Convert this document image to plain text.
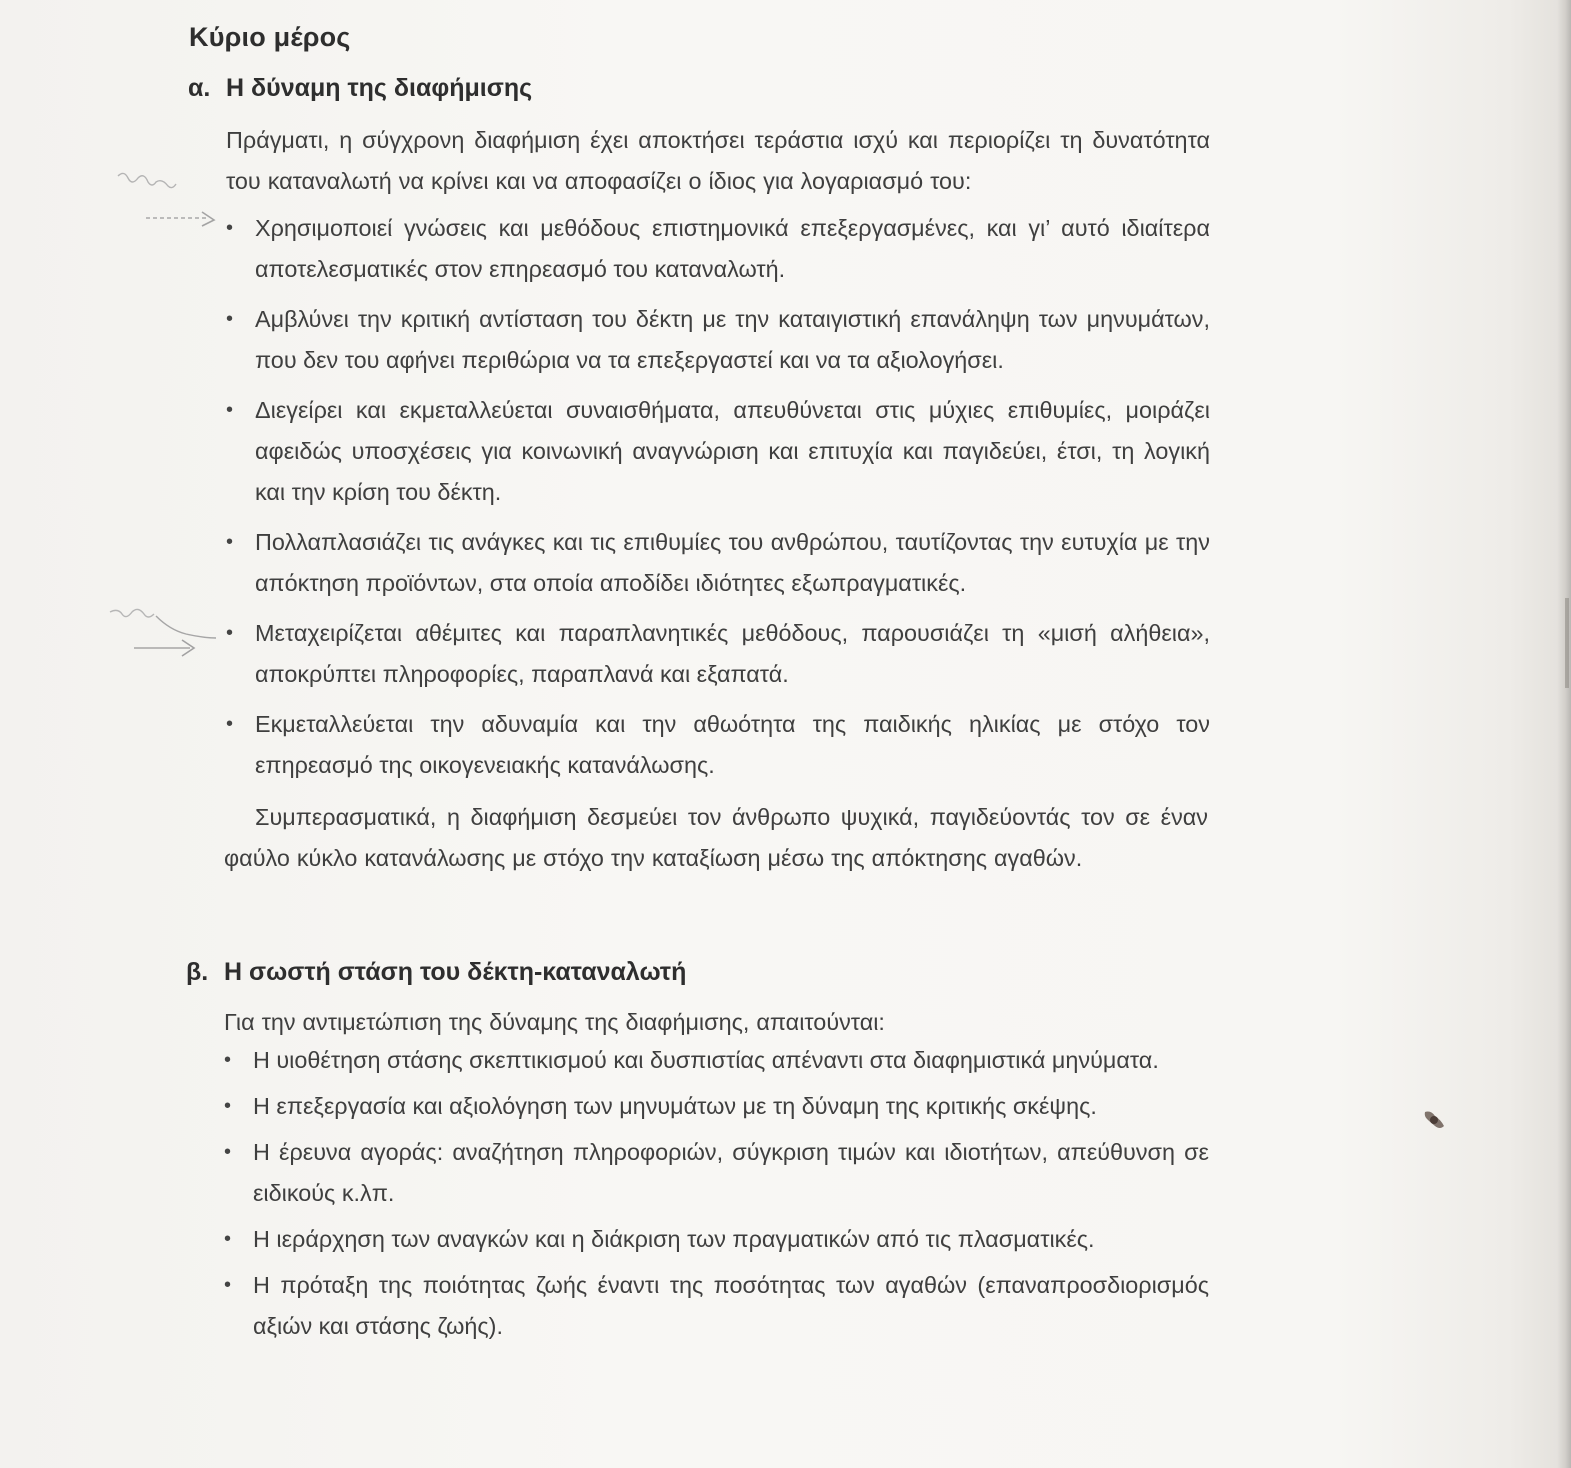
Κύριο μέρος
α. Η δύναμη της διαφήμισης
Πράγματι, η σύγχρονη διαφήμιση έχει αποκτήσει τεράστια ισχύ και περιορίζει τη δυνατότητα του καταναλωτή να κρίνει και να αποφασίζει ο ίδιος για λογαριασμό του:
• Χρησιμοποιεί γνώσεις και μεθόδους επιστημονικά επεξεργασμένες, και γι’ αυτό ιδιαίτερα αποτελεσματικές στον επηρεασμό του καταναλωτή.
• Αμβλύνει την κριτική αντίσταση του δέκτη με την καταιγιστική επανάληψη των μηνυμάτων, που δεν του αφήνει περιθώρια να τα επεξεργαστεί και να τα αξιολογήσει.
• Διεγείρει και εκμεταλλεύεται συναισθήματα, απευθύνεται στις μύχιες επιθυμίες, μοιράζει αφειδώς υποσχέσεις για κοινωνική αναγνώριση και επιτυχία και παγιδεύει, έτσι, τη λογική και την κρίση του δέκτη.
• Πολλαπλασιάζει τις ανάγκες και τις επιθυμίες του ανθρώπου, ταυτίζοντας την ευτυχία με την απόκτηση προϊόντων, στα οποία αποδίδει ιδιότητες εξωπραγματικές.
• Μεταχειρίζεται αθέμιτες και παραπλανητικές μεθόδους, παρουσιάζει τη «μισή αλήθεια», αποκρύπτει πληροφορίες, παραπλανά και εξαπατά.
• Εκμεταλλεύεται την αδυναμία και την αθωότητα της παιδικής ηλικίας με στόχο τον επηρεασμό της οικογενειακής κατανάλωσης.
Συμπερασματικά, η διαφήμιση δεσμεύει τον άνθρωπο ψυχικά, παγιδεύοντάς τον σε έναν φαύλο κύκλο κατανάλωσης με στόχο την καταξίωση μέσω της απόκτησης αγαθών.
β. Η σωστή στάση του δέκτη-καταναλωτή
Για την αντιμετώπιση της δύναμης της διαφήμισης, απαιτούνται:
• Η υιοθέτηση στάσης σκεπτικισμού και δυσπιστίας απέναντι στα διαφημιστικά μηνύματα.
• Η επεξεργασία και αξιολόγηση των μηνυμάτων με τη δύναμη της κριτικής σκέψης.
• Η έρευνα αγοράς: αναζήτηση πληροφοριών, σύγκριση τιμών και ιδιοτήτων, απεύθυνση σε ειδικούς κ.λπ.
• Η ιεράρχηση των αναγκών και η διάκριση των πραγματικών από τις πλασματικές.
• Η πρόταξη της ποιότητας ζωής έναντι της ποσότητας των αγαθών (επαναπροσδιορισμός αξιών και στάσης ζωής).
